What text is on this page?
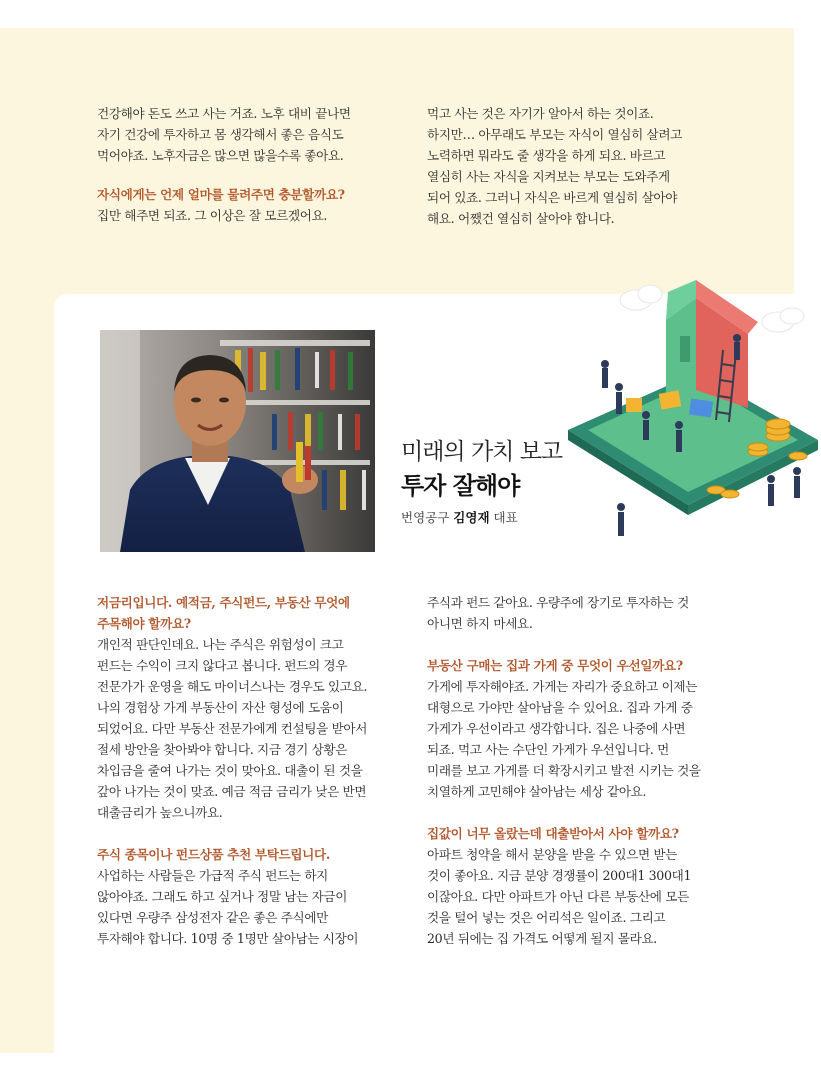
건강해야 돈도 쓰고 사는 거죠. 노후 대비 끝나면

자기 건강에 투자하고 몸 생각해서 좋은 음식도

먹어야죠. 노후자금은 많으면 많을수록 좋아요.

자식에게는 언제 얼마를 물려주면 충분할까요?

집만 해주면 되죠. 그 이상은 잘 모르겠어요.

먹고 사는 것은 자기가 알아서 하는 것이죠.

하지만… 아무래도 부모는 자식이 열심히 살려고

노력하면 뭐라도 줄 생각을 하게 되요. 바르고

열심히 사는 자식을 지켜보는 부모는 도와주게

되어 있죠. 그러니 자식은 바르게 열심히 살아야

해요. 어쨌건 열심히 살아야 합니다.

미래의 가치 보고
투자 잘해야
번영공구 김영재 대표

저금리입니다. 예적금, 주식펀드, 부동산 무엇에

주목해야 할까요?

개인적 판단인데요. 나는 주식은 위험성이 크고

펀드는 수익이 크지 않다고 봅니다. 펀드의 경우

전문가가 운영을 해도 마이너스나는 경우도 있고요.

나의 경험상 가게 부동산이 자산 형성에 도움이

되었어요. 다만 부동산 전문가에게 컨설팅을 받아서

절세 방안을 찾아봐야 합니다. 지금 경기 상황은

차입금을 줄여 나가는 것이 맞아요. 대출이 된 것을

갚아 나가는 것이 맞죠. 예금 적금 금리가 낮은 반면

대출금리가 높으니까요.

주식 종목이나 펀드상품 추천 부탁드립니다.

사업하는 사람들은 가급적 주식 펀드는 하지

않아야죠. 그래도 하고 싶거나 정말 남는 자금이

있다면 우량주 삼성전자 같은 좋은 주식에만

투자해야 합니다. 10명 중 1명만 살아남는 시장이

주식과 펀드 같아요. 우량주에 장기로 투자하는 것

아니면 하지 마세요.

부동산 구매는 집과 가게 중 무엇이 우선일까요?

가게에 투자해야죠. 가게는 자리가 중요하고 이제는

대형으로 가야만 살아남을 수 있어요. 집과 가게 중

가게가 우선이라고 생각합니다. 집은 나중에 사면

되죠. 먹고 사는 수단인 가게가 우선입니다. 먼

미래를 보고 가게를 더 확장시키고 발전 시키는 것을

치열하게 고민해야 살아남는 세상 같아요.

집값이 너무 올랐는데 대출받아서 사야 할까요?

아파트 청약을 해서 분양을 받을 수 있으면 받는

것이 좋아요. 지금 분양 경쟁률이 200대1 300대1

이잖아요. 다만 아파트가 아닌 다른 부동산에 모든

것을 털어 넣는 것은 어리석은 일이죠. 그리고

20년 뒤에는 집 가격도 어떻게 될지 몰라요.
